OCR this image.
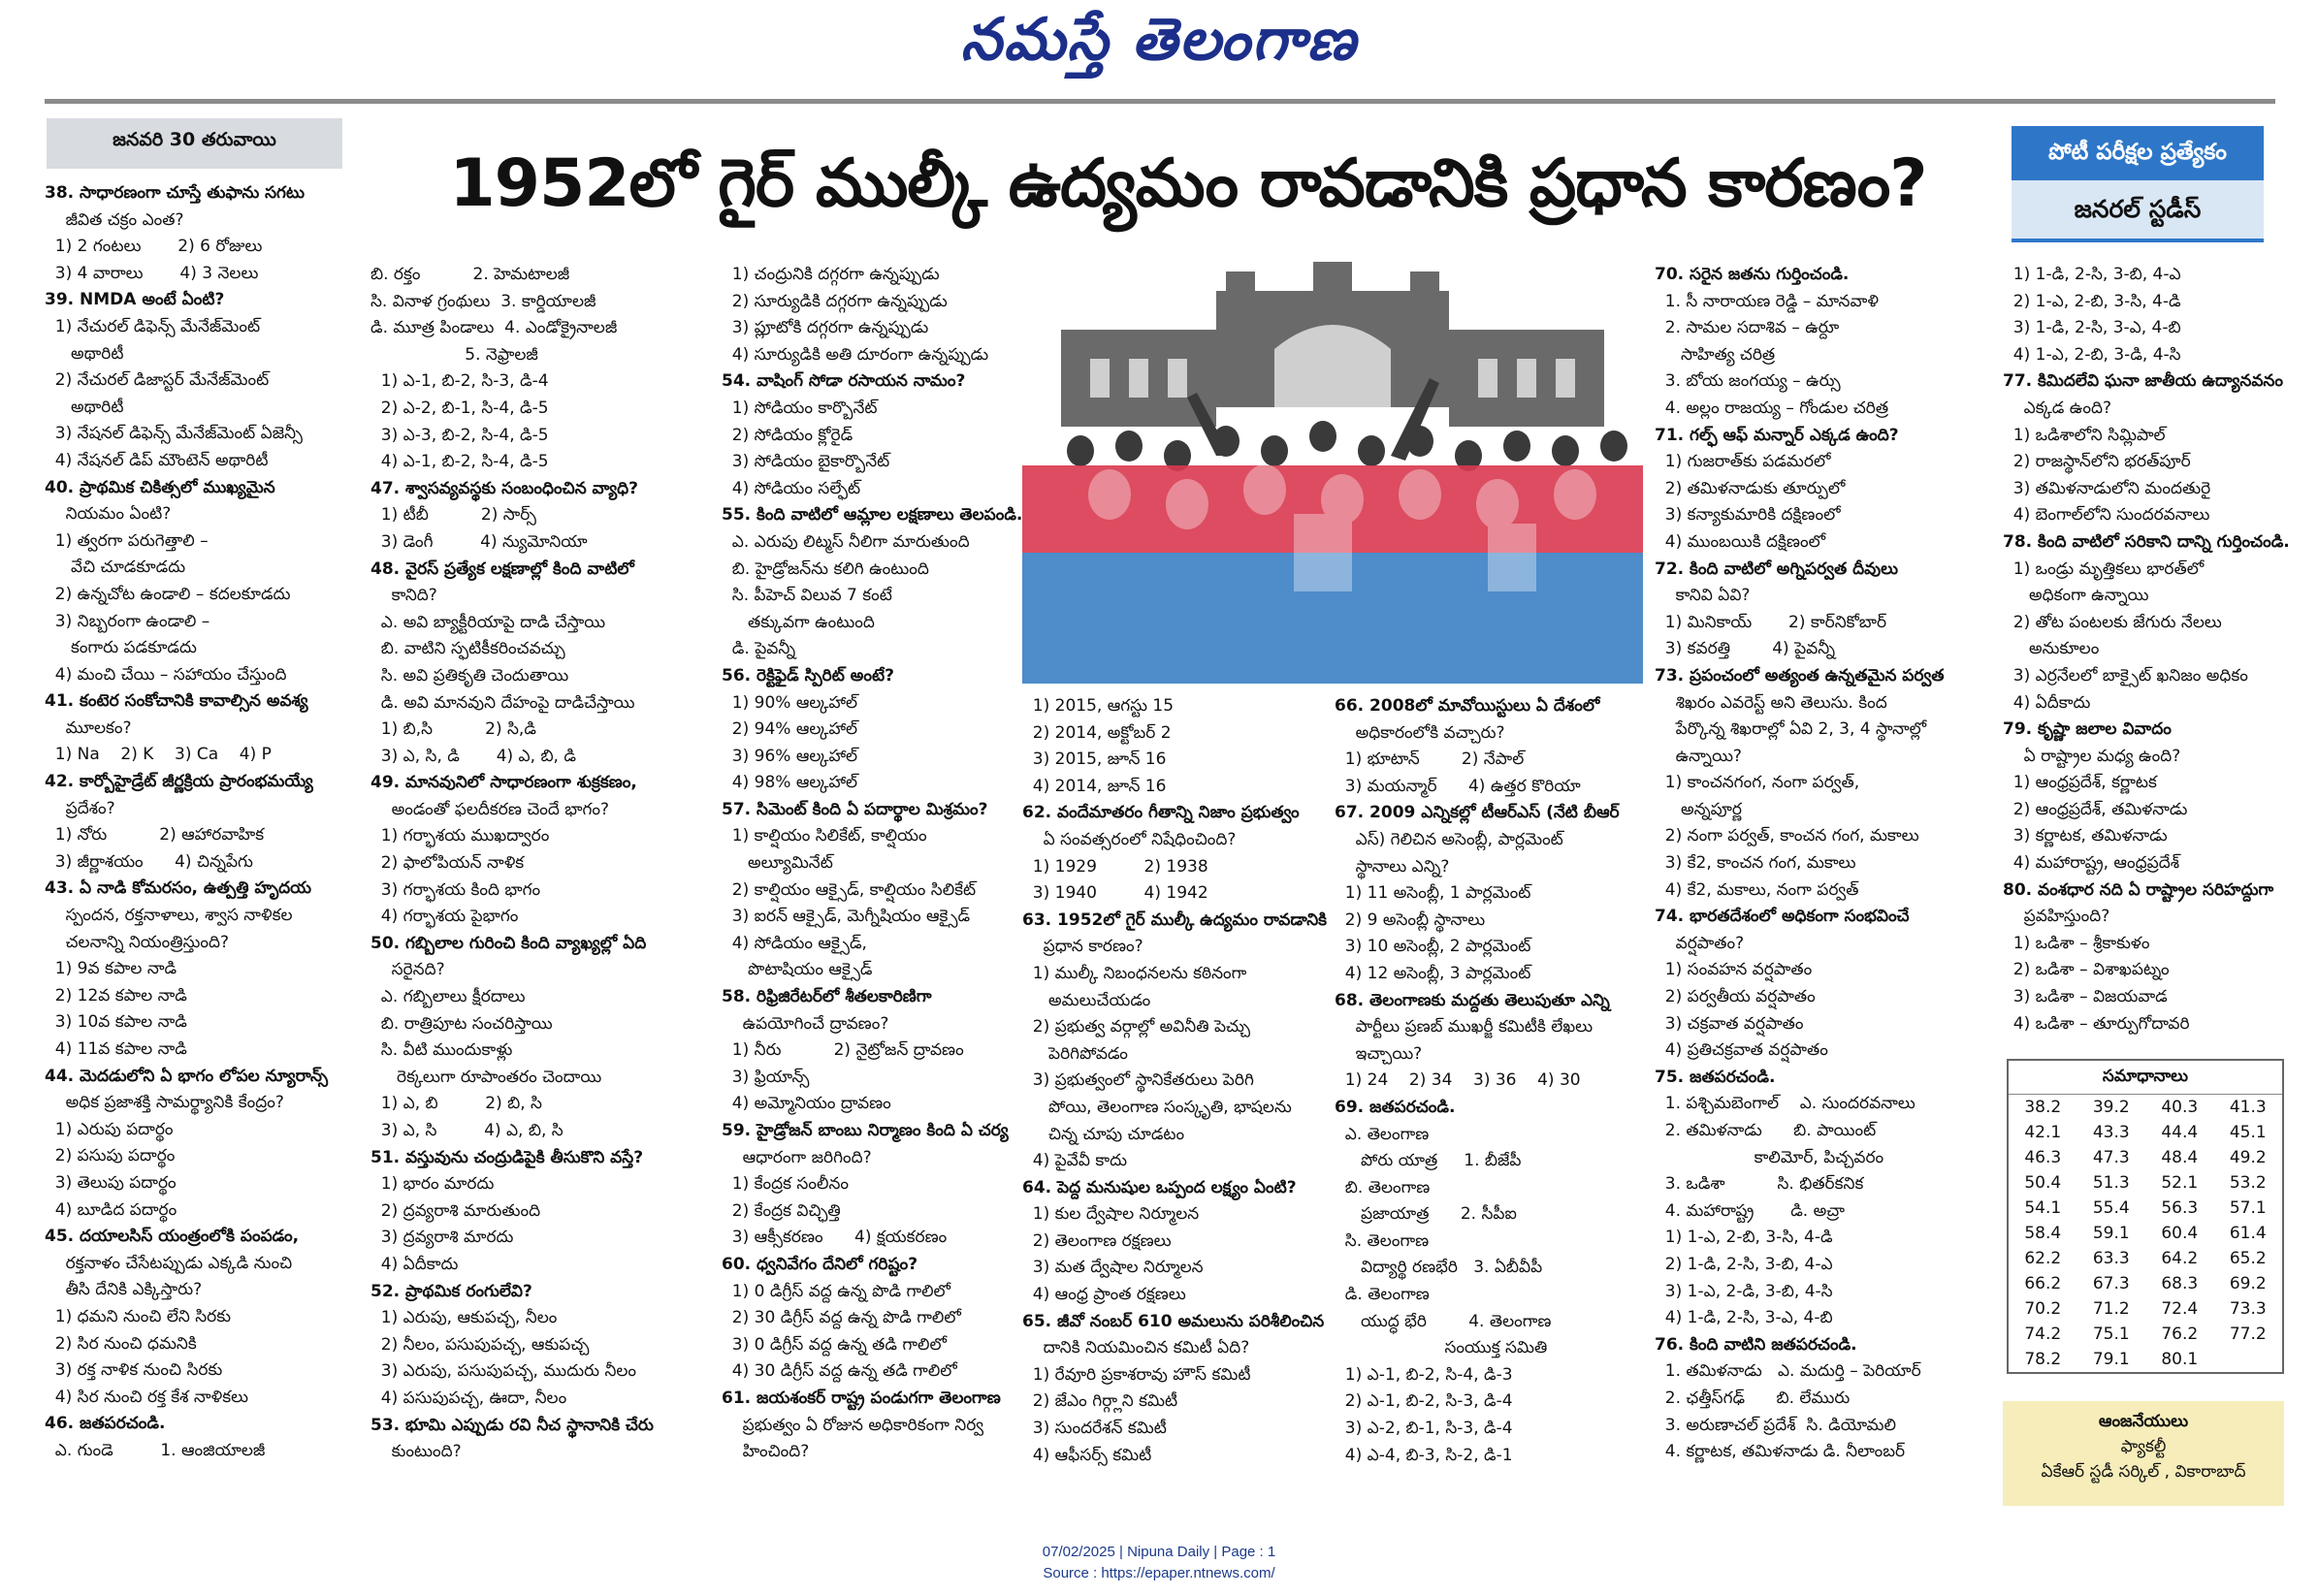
నమస్తే తెలంగాణ
జనవరి 30 తరువాయి
1952లో గైర్ ముల్కీ ఉద్యమం రావడానికి ప్రధాన కారణం?	పోటీ పరీక్షల ప్రత్యేకం
జనరల్ స్టడీస్

38. సాధారణంగా చూస్తే తుఫాను సగటు

జీవిత చక్రం ఎంత?

1) 2 గంటలు       2) 6 రోజులు

3) 4 వారాలు       4) 3 నెలలు

39. NMDA అంటే ఏంటి?

1) నేచురల్ డిఫెన్స్ మేనేజ్‌మెంట్

అథారిటీ

2) నేచురల్ డిజాస్టర్ మేనేజ్‌మెంట్

అథారిటీ

3) నేషనల్ డిఫెన్స్ మేనేజ్‌మెంట్ ఏజెన్సీ

4) నేషనల్ డిప్ మౌంటెన్ అథారిటీ

40. ప్రాథమిక చికిత్సలో ముఖ్యమైన

నియమం ఏంటి?

1) త్వరగా పరుగెత్తాలి –

వేచి చూడకూడదు

2) ఉన్నచోట ఉండాలి – కదలకూడదు

3) నిబ్బరంగా ఉండాలి –

కంగారు పడకూడదు

4) మంచి చేయి – సహాయం చేస్తుంది

41. కంటెర సంకోచానికి కావాల్సిన అవశ్య

మూలకం?

1) Na    2) K    3) Ca    4) P

42. కార్బోహైడ్రేట్ జీర్ణక్రియ ప్రారంభమయ్యే

ప్రదేశం?

1) నోరు          2) ఆహారవాహిక

3) జీర్ణాశయం      4) చిన్నపేగు

43. ఏ నాడి కోమరసం, ఉత్పత్తి హృదయ

స్పందన, రక్తనాళాలు, శ్వాస నాళికల

చలనాన్ని నియంత్రిస్తుంది?

1) 9వ కపాల నాడి

2) 12వ కపాల నాడి

3) 10వ కపాల నాడి

4) 11వ కపాల నాడి

44. మెదడులోని ఏ భాగం లోపల న్యూరాన్స్

అధిక ప్రజాశక్తి సామర్థ్యానికి కేంద్రం?

1) ఎరుపు పదార్థం

2) పసుపు పదార్థం

3) తెలుపు పదార్థం

4) బూడిద పదార్థం

45. దయాలసిస్ యంత్రంలోకి పంపడం,

రక్తనాళం చేసేటప్పుడు ఎక్కడి నుంచి

తీసి దేనికి ఎక్కిస్తారు?

1) ధమని నుంచి లేని సిరకు

2) సిర నుంచి ధమనికి

3) రక్త నాళిక నుంచి సిరకు

4) సిర నుంచి రక్త కేశ నాళికలు

46. జతపరచండి.

ఎ. గుండె         1. ఆంజియాలజీ

బి. రక్తం          2. హెమటాలజీ

సి. వినాళ గ్రంథులు  3. కార్డియాలజీ

డి. మూత్ర పిండాలు  4. ఎండోక్రైనాలజీ

5. నెఫ్రాలజీ

1) ఎ-1, బి-2, సి-3, డి-4

2) ఎ-2, బి-1, సి-4, డి-5

3) ఎ-3, బి-2, సి-4, డి-5

4) ఎ-1, బి-2, సి-4, డి-5

47. శ్వాసవ్యవస్థకు సంబంధించిన వ్యాధి?

1) టీబీ          2) సార్స్

3) డెంగీ         4) న్యుమోనియా

48. వైరస్ ప్రత్యేక లక్షణాల్లో కింది వాటిలో

కానిది?

ఎ. అవి బ్యాక్టీరియాపై దాడి చేస్తాయి

బి. వాటిని స్ఫటికీకరించవచ్చు

సి. అవి ప్రతికృతి చెందుతాయి

డి. అవి మానవుని దేహంపై దాడిచేస్తాయి

1) బి,సి          2) సి,డి

3) ఎ, సి, డి       4) ఎ, బి, డి

49. మానవునిలో సాధారణంగా శుక్రకణం,

అండంతో ఫలదీకరణ చెందే భాగం?

1) గర్భాశయ ముఖద్వారం

2) ఫాలోపియన్ నాళిక

3) గర్భాశయ కింది భాగం

4) గర్భాశయ పైభాగం

50. గబ్బిలాల గురించి కింది వ్యాఖ్యల్లో ఏది

సరైనది?

ఎ. గబ్బిలాలు క్షీరదాలు

బి. రాత్రిపూట సంచరిస్తాయి

సి. వీటి ముందుకాళ్లు

రెక్కలుగా రూపాంతరం చెందాయి

1) ఎ, బి         2) బి, సి

3) ఎ, సి         4) ఎ, బి, సి

51. వస్తువును చంద్రుడిపైకి తీసుకొని వస్తే?

1) భారం మారదు

2) ద్రవ్యరాశి మారుతుంది

3) ద్రవ్యరాశి మారదు

4) ఏదీకాదు

52. ప్రాథమిక రంగులేవి?

1) ఎరుపు, ఆకుపచ్చ, నీలం

2) నీలం, పసుపుపచ్చ, ఆకుపచ్చ

3) ఎరుపు, పసుపుపచ్చ, ముదురు నీలం

4) పసుపుపచ్చ, ఊదా, నీలం

53. భూమి ఎప్పుడు రవి నీచ స్థానానికి చేరు

కుంటుంది?

1) చంద్రునికి దగ్గరగా ఉన్నప్పుడు

2) సూర్యుడికి దగ్గరగా ఉన్నప్పుడు

3) ప్లూటోకి దగ్గరగా ఉన్నప్పుడు

4) సూర్యుడికి అతి దూరంగా ఉన్నప్పుడు

54. వాషింగ్ సోడా రసాయన నామం?

1) సోడియం కార్బొనేట్

2) సోడియం క్లోరైడ్

3) సోడియం బైకార్బొనేట్

4) సోడియం సల్ఫేట్

55. కింది వాటిలో ఆమ్లాల లక్షణాలు తెలపండి.

ఎ. ఎరుపు లిట్మస్ నీలిగా మారుతుంది

బి. హైడ్రోజన్‌ను కలిగి ఉంటుంది

సి. పీహెచ్ విలువ 7 కంటే

తక్కువగా ఉంటుంది

డి. పైవన్నీ

56. రెక్టిఫైడ్ స్పిరిట్ అంటే?

1) 90% ఆల్కహాల్

2) 94% ఆల్కహాల్

3) 96% ఆల్కహాల్

4) 98% ఆల్కహాల్

57. సిమెంట్ కింది ఏ పదార్థాల మిశ్రమం?

1) కాల్షియం సిలికేట్, కాల్షియం

అల్యూమినేట్

2) కాల్షియం ఆక్సైడ్, కాల్షియం సిలికేట్

3) ఐరన్ ఆక్సైడ్, మెగ్నీషియం ఆక్సైడ్

4) సోడియం ఆక్సైడ్,

పొటాషియం ఆక్సైడ్

58. రిఫ్రిజిరేటర్‌లో శీతలకారిణిగా

ఉపయోగించే ద్రావణం?

1) నీరు          2) నైట్రోజన్ ద్రావణం

3) ఫ్రియాన్స్

4) అమ్మోనియం ద్రావణం

59. హైడ్రోజన్ బాంబు నిర్మాణం కింది ఏ చర్య

ఆధారంగా జరిగింది?

1) కేంద్రక సంలీనం

2) కేంద్రక విచ్ఛిత్తి

3) ఆక్సీకరణం      4) క్షయకరణం

60. ధ్వనివేగం దేనిలో గరిష్టం?

1) 0 డిగ్రీస్ వద్ద ఉన్న పొడి గాలిలో

2) 30 డిగ్రీస్ వద్ద ఉన్న పొడి గాలిలో

3) 0 డిగ్రీస్ వద్ద ఉన్న తడి గాలిలో

4) 30 డిగ్రీస్ వద్ద ఉన్న తడి గాలిలో

61. జయశంకర్ రాష్ట్ర పండుగగా తెలంగాణ

ప్రభుత్వం ఏ రోజున అధికారికంగా నిర్వ

హించింది?

1) 2015, ఆగస్టు 15

2) 2014, అక్టోబర్ 2

3) 2015, జూన్ 16

4) 2014, జూన్ 16

62. వందేమాతరం గీతాన్ని నిజాం ప్రభుత్వం

ఏ సంవత్సరంలో నిషేధించింది?

1) 1929         2) 1938

3) 1940         4) 1942

63. 1952లో గైర్ ముల్కీ ఉద్యమం రావడానికి

ప్రధాన కారణం?

1) ముల్కీ నిబంధనలను కఠినంగా

అమలుచేయడం

2) ప్రభుత్వ వర్గాల్లో అవినీతి పెచ్చు

పెరిగిపోవడం

3) ప్రభుత్వంలో స్థానికేతరులు పెరిగి

పోయి, తెలంగాణ సంస్కృతి, భాషలను

చిన్న చూపు చూడటం

4) పైవేవీ కాదు

64. పెద్ద మనుషుల ఒప్పంద లక్ష్యం ఏంటి?

1) కుల ద్వేషాల నిర్మూలన

2) తెలంగాణ రక్షణలు

3) మత ద్వేషాల నిర్మూలన

4) ఆంధ్ర ప్రాంత రక్షణలు

65. జీవో నంబర్ 610 అమలును పరిశీలించిన

దానికి నియమించిన కమిటీ ఏది?

1) రేవూరి ప్రకాశరావు హౌస్ కమిటీ

2) జేఎం గిర్గ్లాని కమిటీ

3) సుందరేశన్ కమిటీ

4) ఆఫీసర్స్ కమిటీ

66. 2008లో మావోయిస్టులు ఏ దేశంలో

అధికారంలోకి వచ్చారు?

1) భూటాన్        2) నేపాల్

3) మయన్మార్      4) ఉత్తర కొరియా

67. 2009 ఎన్నికల్లో టీఆర్‌ఎస్ (నేటి బీఆర్

ఎస్) గెలిచిన అసెంబ్లీ, పార్లమెంట్

స్థానాలు ఎన్ని?

1) 11 అసెంబ్లీ, 1 పార్లమెంట్

2) 9 అసెంబ్లీ స్థానాలు

3) 10 అసెంబ్లీ, 2 పార్లమెంట్

4) 12 అసెంబ్లీ, 3 పార్లమెంట్

68. తెలంగాణకు మద్దతు తెలుపుతూ ఎన్ని

పార్టీలు ప్రణబ్ ముఖర్జీ కమిటీకి లేఖలు

ఇచ్చాయి?

1) 24    2) 34    3) 36    4) 30

69. జతపరచండి.

ఎ. తెలంగాణ

పోరు యాత్ర     1. బీజేపీ

బి. తెలంగాణ

ప్రజాయాత్ర      2. సీపీఐ

సి. తెలంగాణ

విద్యార్థి రణభేరి   3. ఏబీవీపీ

డి. తెలంగాణ

యుద్ధ భేరి        4. తెలంగాణ

సంయుక్త సమితి

1) ఎ-1, బి-2, సి-4, డి-3

2) ఎ-1, బి-2, సి-3, డి-4

3) ఎ-2, బి-1, సి-3, డి-4

4) ఎ-4, బి-3, సి-2, డి-1

70. సరైన జతను గుర్తించండి.

1. సీ నారాయణ రెడ్డి – మానవాళి

2. సామల సదాశివ – ఉర్దూ

సాహిత్య చరిత్ర

3. బోయ జంగయ్య – ఉర్సు

4. అల్లం రాజయ్య – గోండుల చరిత్ర

71. గల్ఫ్ ఆఫ్ మన్నార్ ఎక్కడ ఉంది?

1) గుజరాత్‌కు పడమరలో

2) తమిళనాడుకు తూర్పులో

3) కన్యాకుమారికి దక్షిణంలో

4) ముంబయికి దక్షిణంలో

72. కింది వాటిలో అగ్నిపర్వత దీవులు

కానివి ఏవి?

1) మినికాయ్       2) కార్‌నికోబార్

3) కవరత్తి        4) పైవన్నీ

73. ప్రపంచంలో అత్యంత ఉన్నతమైన పర్వత

శిఖరం ఎవరెస్ట్ అని తెలుసు. కింద

పేర్కొన్న శిఖరాల్లో ఏవి 2, 3, 4 స్థానాల్లో

ఉన్నాయి?

1) కాంచనగంగ, నంగా పర్వత్,

అన్నపూర్ణ

2) నంగా పర్వత్, కాంచన గంగ, మకాలు

3) కే2, కాంచన గంగ, మకాలు

4) కే2, మకాలు, నంగా పర్వత్

74. భారతదేశంలో అధికంగా సంభవించే

వర్షపాతం?

1) సంవహన వర్షపాతం

2) పర్వతీయ వర్షపాతం

3) చక్రవాత వర్షపాతం

4) ప్రతిచక్రవాత వర్షపాతం

75. జతపరచండి.

1. పశ్చిమబెంగాల్    ఎ. సుందరవనాలు

2. తమిళనాడు      బి. పాయింట్

కాలిమోర్, పిచ్చవరం

3. ఒడిశా          సి. భితర్‌కనిక

4. మహారాష్ట్ర       డి. అచ్రా

1) 1-ఎ, 2-బి, 3-సి, 4-డి

2) 1-డి, 2-సి, 3-బి, 4-ఎ

3) 1-ఎ, 2-డి, 3-బి, 4-సి

4) 1-డి, 2-సి, 3-ఎ, 4-బి

76. కింది వాటిని జతపరచండి.

1. తమిళనాడు   ఎ. మదుర్తి – పెరియార్

2. ఛత్తీస్‌గఢ్      బి. లేమురు

3. అరుణాచల్ ప్రదేశ్  సి. డియోమలి

4. కర్ణాటక, తమిళనాడు డి. నీలాంబర్

1) 1-డి, 2-సి, 3-బి, 4-ఎ

2) 1-ఎ, 2-బి, 3-సి, 4-డి

3) 1-డి, 2-సి, 3-ఎ, 4-బి

4) 1-ఎ, 2-బి, 3-డి, 4-సి

77. కిమిదలేవి ఘనా జాతీయ ఉద్యానవనం

ఎక్కడ ఉంది?

1) ఒడిశాలోని సిమ్లిపాల్

2) రాజస్థాన్‌లోని భరత్‌పూర్

3) తమిళనాడులోని మందతురై

4) బెంగాల్‌లోని సుందరవనాలు

78. కింది వాటిలో సరికాని దాన్ని గుర్తించండి.

1) ఒండ్రు మృత్తికలు భారత్‌లో

అధికంగా ఉన్నాయి

2) తోట పంటలకు జేగురు నేలలు

అనుకూలం

3) ఎర్రనేలలో బాక్సైట్ ఖనిజం అధికం

4) ఏదీకాదు

79. కృష్ణా జలాల వివాదం

ఏ రాష్ట్రాల మధ్య ఉంది?

1) ఆంధ్రప్రదేశ్, కర్ణాటక

2) ఆంధ్రప్రదేశ్, తమిళనాడు

3) కర్ణాటక, తమిళనాడు

4) మహారాష్ట్ర, ఆంధ్రప్రదేశ్

80. వంశధార నది ఏ రాష్ట్రాల సరిహద్దుగా

ప్రవహిస్తుంది?

1) ఒడిశా – శ్రీకాకుళం

2) ఒడిశా – విశాఖపట్నం

3) ఒడిశా – విజయవాడ

4) ఒడిశా – తూర్పుగోదావరి

సమాధానాలు
38.2	39.2	40.3	41.3
42.1	43.3	44.4	45.1
46.3	47.3	48.4	49.2
50.4	51.3	52.1	53.2
54.1	55.4	56.3	57.1
58.4	59.1	60.4	61.4
62.2	63.3	64.2	65.2
66.2	67.3	68.3	69.2
70.2	71.2	72.4	73.3
74.2	75.1	76.2	77.2
78.2	79.1	80.1	
ఆంజనేయులు
ఫ్యాకల్టీ
ఏకేఆర్ స్టడీ సర్కిల్ , వికారాబాద్
07/02/2025 | Nipuna Daily | Page : 1
Source : https://epaper.ntnews.com/
